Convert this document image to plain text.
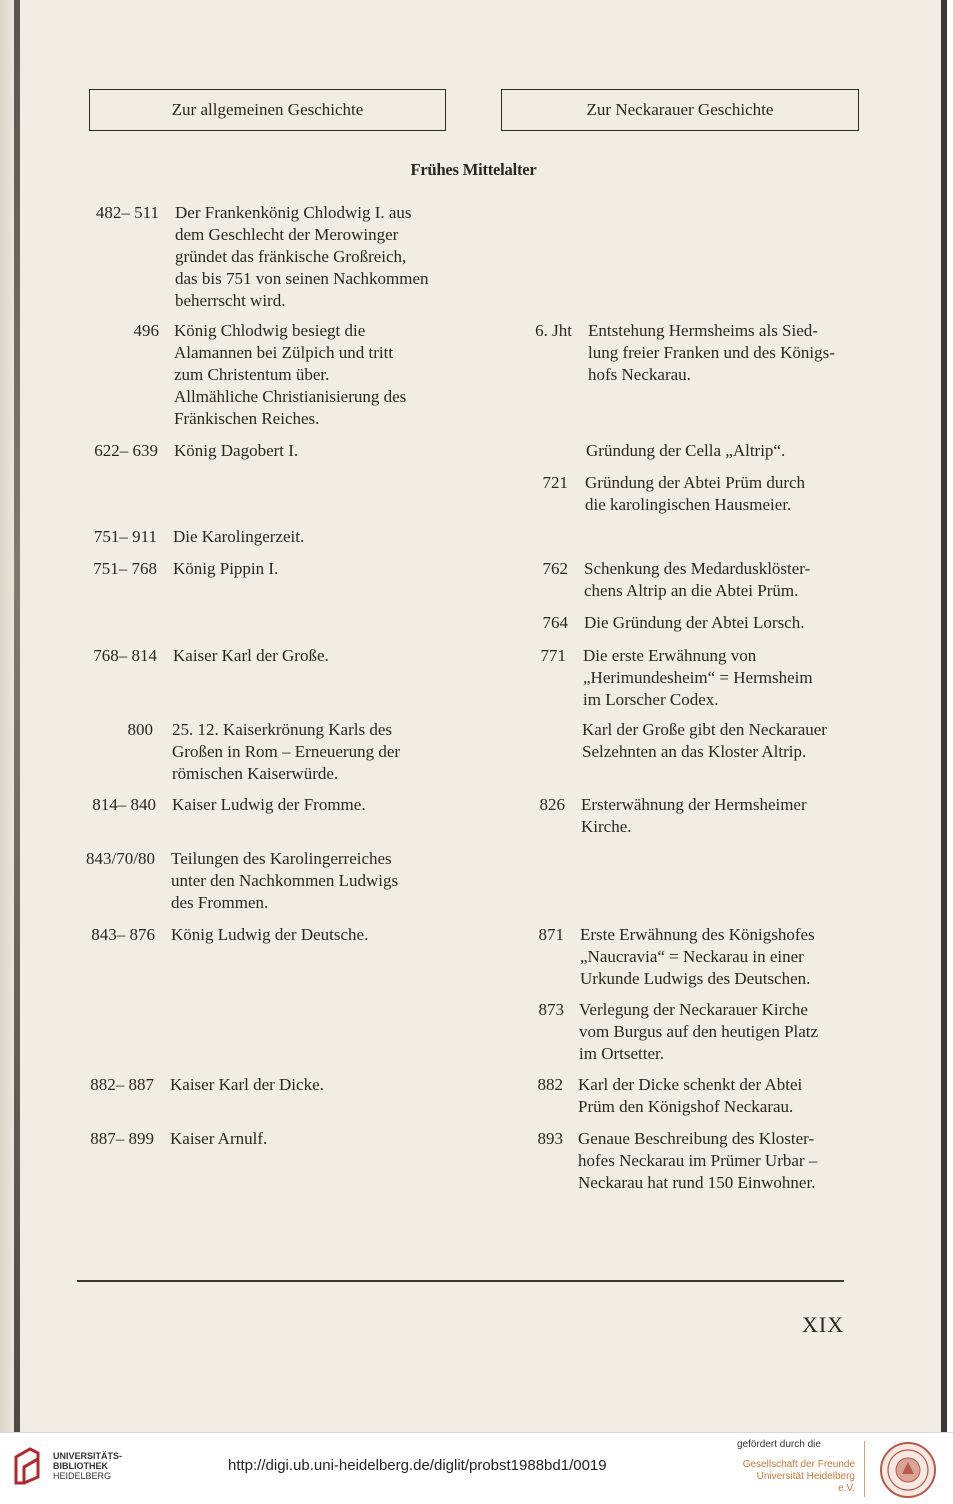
Zur allgemeinen Geschichte	Zur Neckarauer Geschichte
Frühes Mittelalter
482– 511 Der Frankenkönig Chlodwig I. aus
dem Geschlecht der Merowinger
gründet das fränkische Großreich,
das bis 751 von seinen Nachkommen
beherrscht wird.
496 König Chlodwig besiegt die
Alamannen bei Zülpich und tritt
zum Christentum über.
Allmähliche Christianisierung des
Fränkischen Reiches.
622– 639 König Dagobert I.
751– 911 Die Karolingerzeit.
751– 768 König Pippin I.
768– 814 Kaiser Karl der Große.
800 25. 12. Kaiserkrönung Karls des
Großen in Rom – Erneuerung der
römischen Kaiserwürde.
814– 840 Kaiser Ludwig der Fromme.
843/70/80 Teilungen des Karolingerreiches
unter den Nachkommen Ludwigs
des Frommen.
843– 876 König Ludwig der Deutsche.
882– 887 Kaiser Karl der Dicke.
887– 899 Kaiser Arnulf.
6. Jht Entstehung Hermsheims als Sied-
lung freier Franken und des Königs-
hofs Neckarau.
Gründung der Cella „Altrip“.
721 Gründung der Abtei Prüm durch
die karolingischen Hausmeier.
762 Schenkung des Medardusklöster-
chens Altrip an die Abtei Prüm.
764 Die Gründung der Abtei Lorsch.
771 Die erste Erwähnung von
„Herimundesheim“ = Hermsheim
im Lorscher Codex.
Karl der Große gibt den Neckarauer
Selzehnten an das Kloster Altrip.
826 Ersterwähnung der Hermsheimer
Kirche.
871 Erste Erwähnung des Königshofes
„Naucravia“ = Neckarau in einer
Urkunde Ludwigs des Deutschen.
873 Verlegung der Neckarauer Kirche
vom Burgus auf den heutigen Platz
im Ortsetter.
882 Karl der Dicke schenkt der Abtei
Prüm den Königshof Neckarau.
893 Genaue Beschreibung des Kloster-
hofes Neckarau im Prümer Urbar –
Neckarau hat rund 150 Einwohner.
XIX
UNIVERSITÄTS-
BIBLIOTHEK
HEIDELBERG
http://digi.ub.uni-heidelberg.de/diglit/probst1988bd1/0019
gefördert durch die
Gesellschaft der Freunde
Universität Heidelberg e.V.
